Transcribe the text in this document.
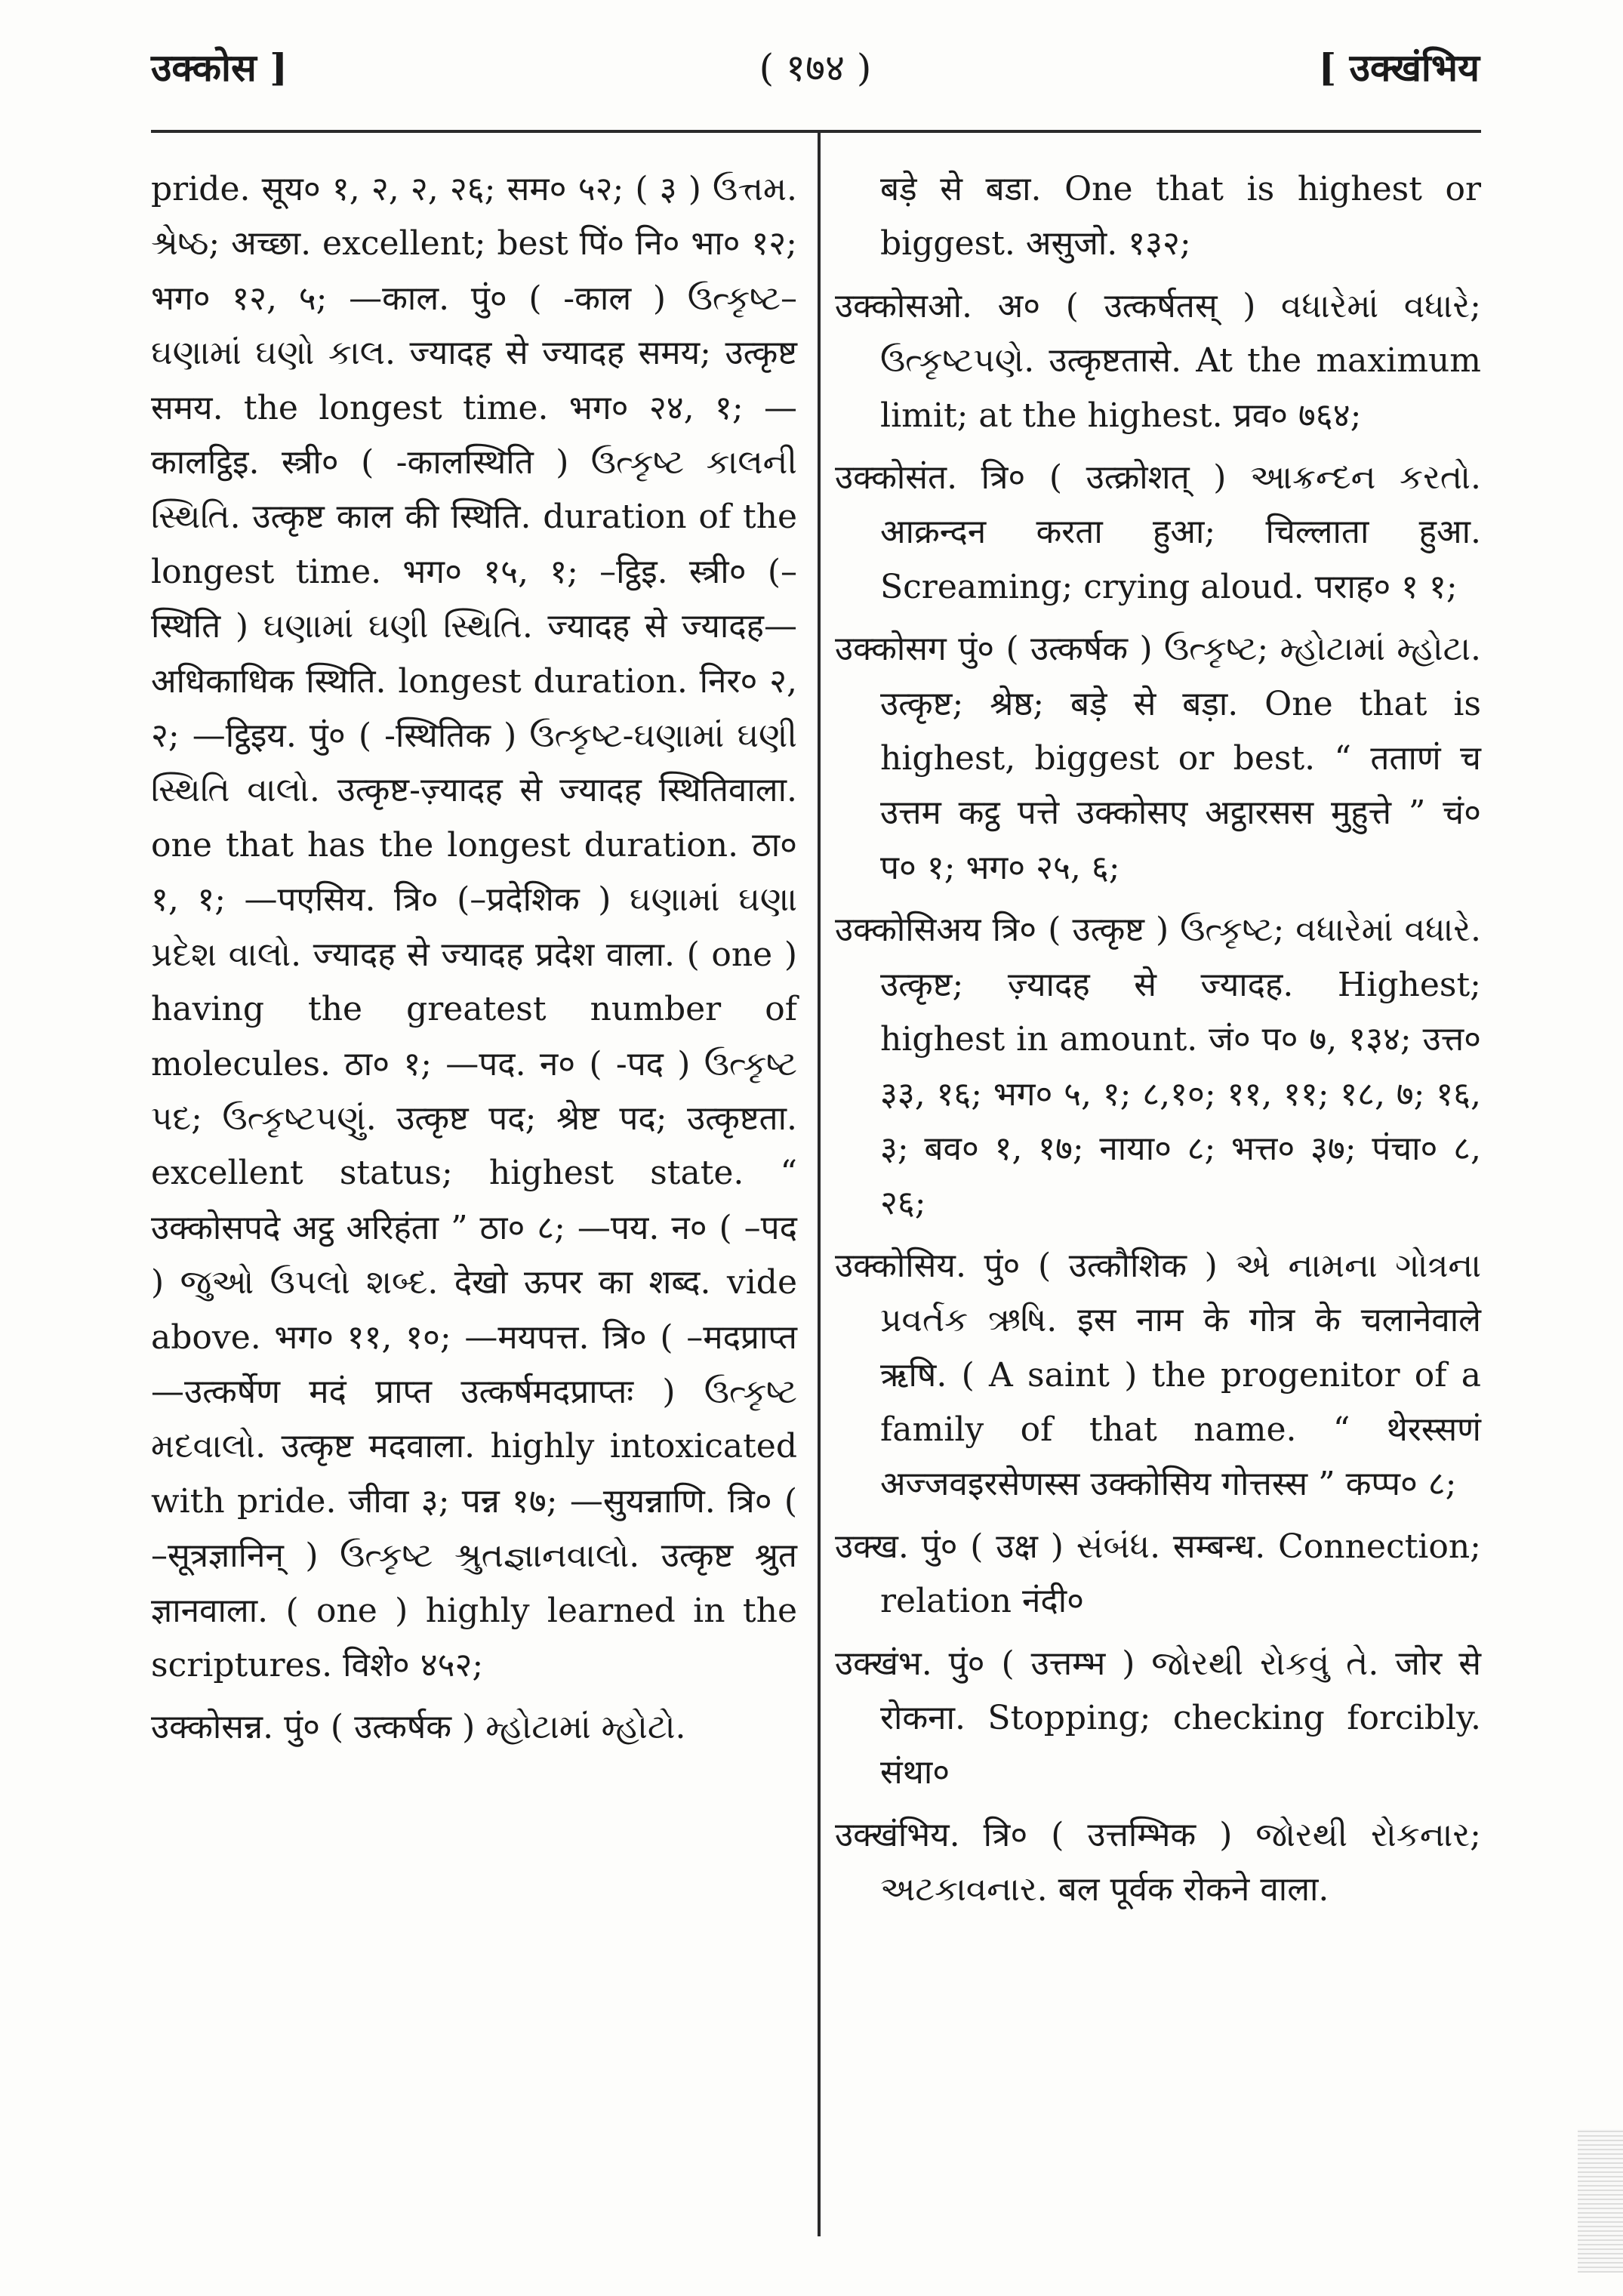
उक्कोस ]	( १७४ )	[ उक्खंभिय

pride. सूय० १, २, २, २६; सम० ५२; ( ३ ) ઉત્તમ. શ્રેષ્ઠ; अच्छा. excellent; best पिं० नि० भा० १२; भग० १२, ५; —काल. पुं० ( -काल ) ઉત્કૃષ્ટ–ઘણામાં ઘણો કાલ. ज्यादह से ज्यादह समय; उत्कृष्ट समय. the longest time. भग० २४, १; —कालट्ठिइ. स्त्री० ( -कालस्थिति ) ઉત્કૃષ્ટ કાલની સ્થિતિ. उत्कृष्ट काल की स्थिति. duration of the longest time. भग० १५, १; –ट्ठिइ. स्त्री० (– स्थिति ) ઘણામાં ઘણી સ્થિતિ. ज्यादह से ज्यादह—अधिकाधिक स्थिति. longest duration. निर० २, २; —ट्ठिइय. पुं० ( -स्थितिक ) ઉત્કૃષ્ટ-ઘણામાં ઘણી સ્થિતિ વાલો. उत्कृष्ट-ज़्यादह से ज्यादह स्थितिवाला. one that has the longest duration. ठा० १, १; —पएसिय. त्रि० (–प्रदेशिक ) ઘણામાં ઘણા પ્રદેશ વાલો. ज्यादह से ज्यादह प्रदेश वाला. ( one ) having the greatest number of molecules. ठा० १; —पद. न० ( -पद ) ઉત્કૃષ્ટ પદ; ઉત્કૃષ્ટપણું. उत्कृष्ट पद; श्रेष्ट पद; उत्कृष्टता. excellent status; highest state. “ उक्कोसपदे अट्ठ अरिहंता ” ठा० ८; —पय. न० ( –पद ) જુઓ ઉપલો શબ્દ. देखो ऊपर का शब्द. vide above. भग० ११, १०; —मयपत्त. त्रि० ( –मदप्राप्त—उत्कर्षेण मदं प्राप्त उत्कर्षमदप्राप्तः ) ઉત્કૃષ્ટ મદવાલો. उत्कृष्ट मदवाला. highly intoxicated with pride. जीवा ३; पन्न १७; —सुयन्नाणि. त्रि० ( –सूत्रज्ञानिन् ) ઉત્કૃષ્ટ શ્રુતજ્ઞાનવાલો. उत्कृष्ट श्रुत ज्ञानवाला. ( one ) highly learned in the scriptures. विशे० ४५२;

उक्कोसन्न. पुं० ( उत्कर्षक ) મ્હોટામાં મ્હોટો.

बड़े से बडा. One that is highest or biggest. असुजो. १३२;

उक्कोसओ. अ० ( उत्कर्षतस् ) વધારેમાં વધારે; ઉત્કૃષ્ટપણે. उत्कृष्टतासे. At the maximum limit; at the highest. प्रव० ७६४;

उक्कोसंत. त्रि० ( उत्क्रोशत् ) આક્રન્દન કરતો. आक्रन्दन करता हुआ; चिल्लाता हुआ. Screaming; crying aloud. पराह० १ १;

उक्कोसग पुं० ( उत्कर्षक ) ઉત્કૃષ્ટ; મ્હોટામાં મ્હોટા. उत्कृष्ट; श्रेष्ठ; बड़े से बड़ा. One that is highest, biggest or best. “ तताणं च उत्तम कट्ठ पत्ते उक्कोसए अट्ठारसस मुहुत्ते ” चं० प० १; भग० २५, ६;

उक्कोसिअय त्रि० ( उत्कृष्ट ) ઉત્કૃષ્ટ; વધારેમાં વધારે. उत्कृष्ट; ज़्यादह से ज्यादह. Highest; highest in amount. जं० प० ७, १३४; उत्त० ३३, १६; भग० ५, १; ८,१०; ११, ११; १८, ७; १६, ३; बव० १, १७; नाया० ८; भत्त० ३७; पंचा० ८, २६;

उक्कोसिय. पुं० ( उत्कौशिक ) એ નામના ગોત્રના પ્રવર્તક ઋષિ. इस नाम के गोत्र के चलानेवाले ऋषि. ( A saint ) the progenitor of a family of that name. “ थेरस्सणं अज्जवइरसेणस्स उक्कोसिय गोत्तस्स ” कप्प० ८;

उक्ख. पुं० ( उक्ष ) સંબંધ. सम्बन्ध. Connection; relation नंदी०

उक्खंभ. पुं० ( उत्तम्भ ) જોરથી રોકવું તે. जोर से रोकना. Stopping; checking forcibly. संथा०

उक्खंभिय. त्रि० ( उत्तम्भिक ) જોરથી રોકનાર; અટકાવનાર. बल पूर्वक रोकने वाला.
